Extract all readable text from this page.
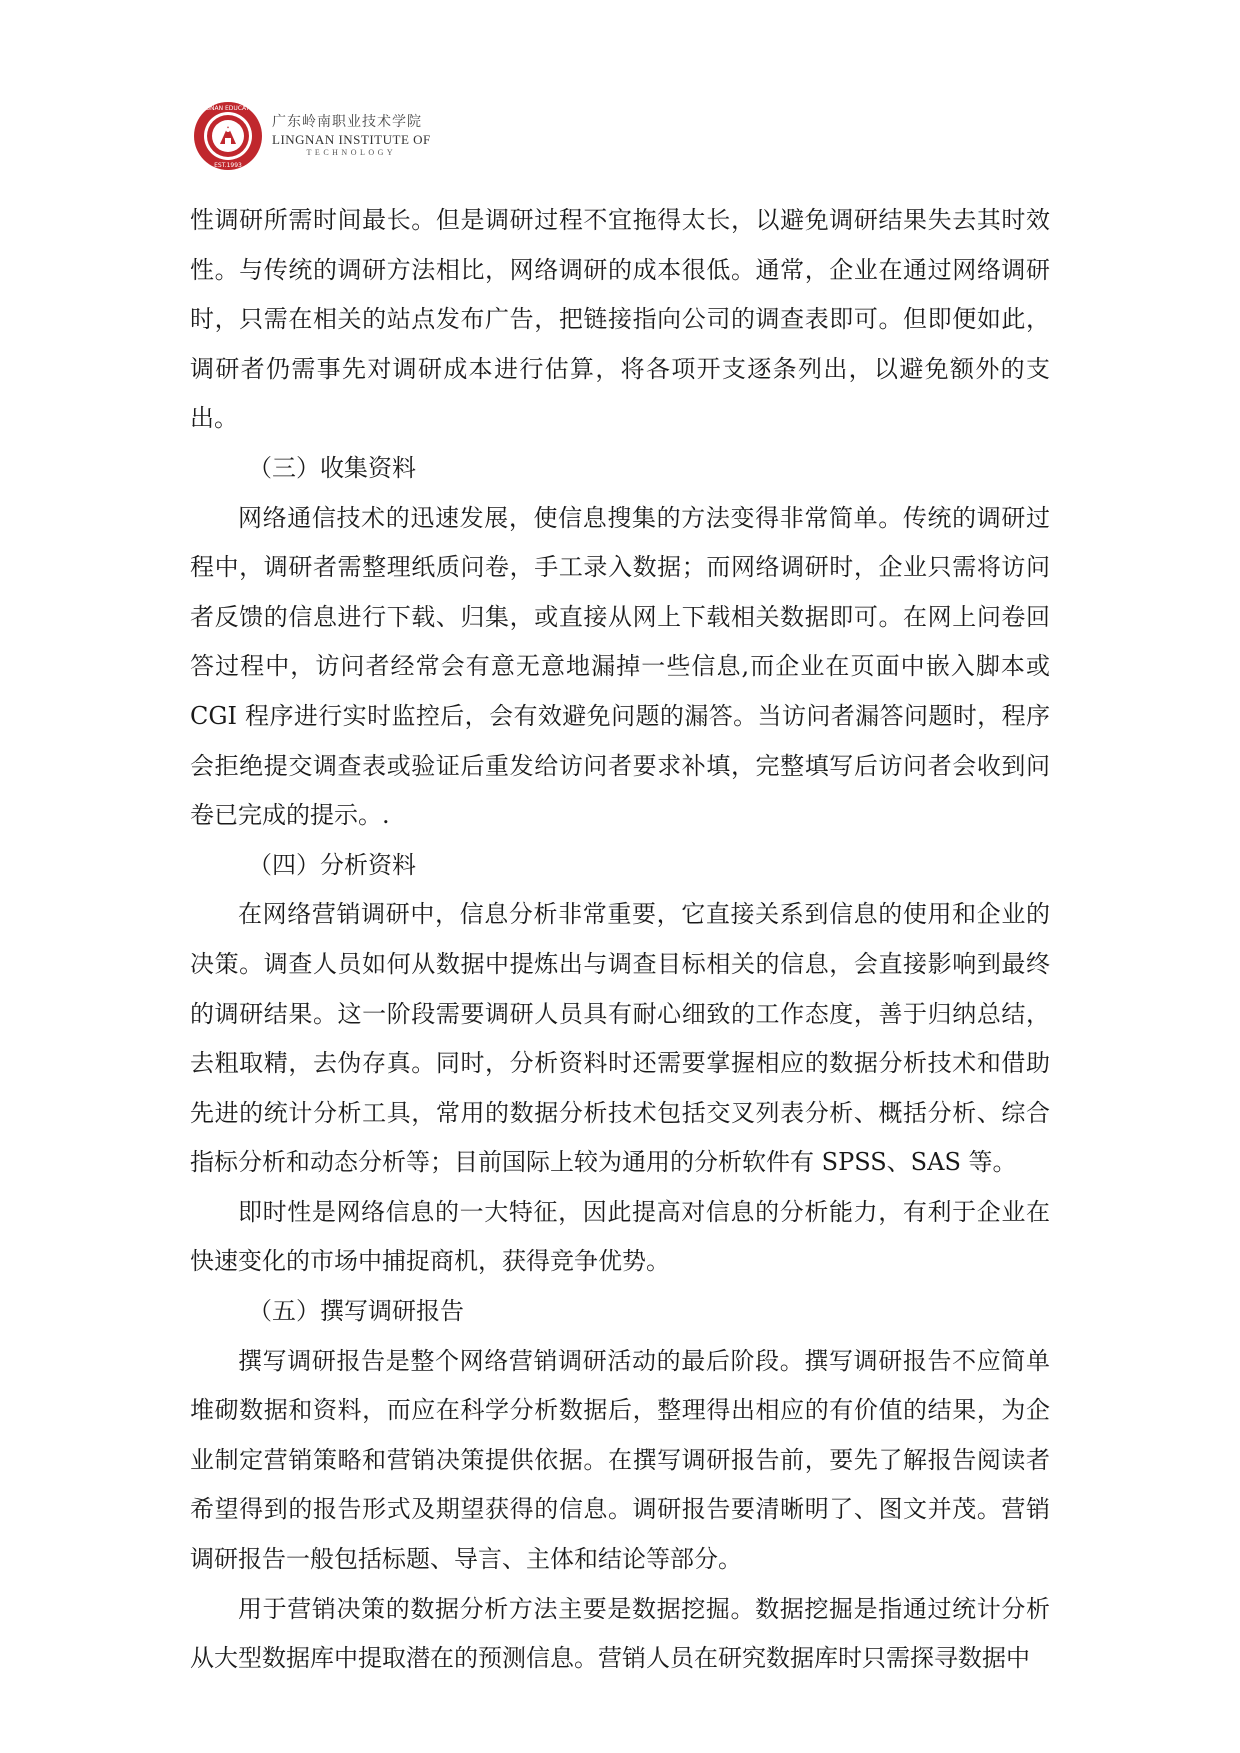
LINGNAN EDUCATION
EST.1993
广东岭南职业技术学院
LINGNAN INSTITUTE OF
TECHNOLOGY

性调研所需时间最长。但是调研过程不宜拖得太长，以避免调研结果失去其时效性。与传统的调研方法相比，网络调研的成本很低。通常，企业在通过网络调研时，只需在相关的站点发布广告，把链接指向公司的调查表即可。但即便如此，调研者仍需事先对调研成本进行估算，将各项开支逐条列出，以避免额外的支出。

（三）收集资料

网络通信技术的迅速发展，使信息搜集的方法变得非常简单。传统的调研过程中，调研者需整理纸质问卷，手工录入数据；而网络调研时，企业只需将访问者反馈的信息进行下载、归集，或直接从网上下载相关数据即可。在网上问卷回答过程中，访问者经常会有意无意地漏掉一些信息,而企业在页面中嵌入脚本或CGI 程序进行实时监控后，会有效避免问题的漏答。当访问者漏答问题时，程序会拒绝提交调查表或验证后重发给访问者要求补填，完整填写后访问者会收到问卷已完成的提示。.

（四）分析资料

在网络营销调研中，信息分析非常重要，它直接关系到信息的使用和企业的决策。调查人员如何从数据中提炼出与调查目标相关的信息，会直接影响到最终的调研结果。这一阶段需要调研人员具有耐心细致的工作态度，善于归纳总结，去粗取精，去伪存真。同时，分析资料时还需要掌握相应的数据分析技术和借助先进的统计分析工具，常用的数据分析技术包括交叉列表分析、概括分析、综合指标分析和动态分析等；目前国际上较为通用的分析软件有 SPSS、SAS 等。

即时性是网络信息的一大特征，因此提高对信息的分析能力，有利于企业在快速变化的市场中捕捉商机，获得竞争优势。

（五）撰写调研报告

撰写调研报告是整个网络营销调研活动的最后阶段。撰写调研报告不应简单堆砌数据和资料，而应在科学分析数据后，整理得出相应的有价值的结果，为企业制定营销策略和营销决策提供依据。在撰写调研报告前，要先了解报告阅读者希望得到的报告形式及期望获得的信息。调研报告要清晰明了、图文并茂。营销调研报告一般包括标题、导言、主体和结论等部分。

用于营销决策的数据分析方法主要是数据挖掘。数据挖掘是指通过统计分析从大型数据库中提取潜在的预测信息。营销人员在研究数据库时只需探寻数据中
